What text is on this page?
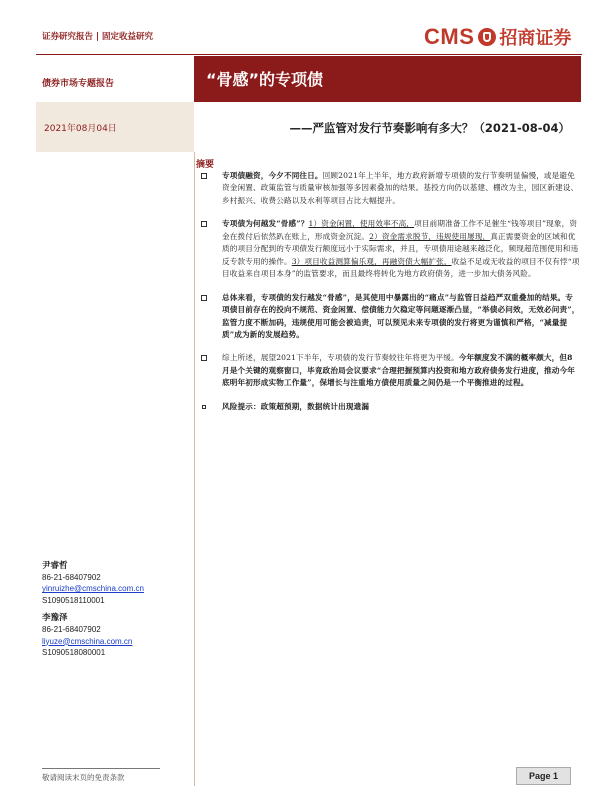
证券研究报告 | 固定收益研究	CMS 招商证券
债券市场专题报告	“骨感”的专项债
2021年08月04日	——严监管对发行节奏影响有多大？（2021-08-04）
摘要
专项债融资，今夕不同往日。回顾2021年上半年，地方政府新增专项债的发行节奏明显偏慢，或是避免资金闲置、政策监管与质量审核加强等多因素叠加的结果。基投方向仍以基建、棚改为主，园区新建设、乡村振兴、收费公路以及水利等项目占比大幅提升。
专项债为何越发“骨感”？1）资金闲置，使用效率不高，项目前期准备工作不足催生“钱等项目”现象，资金在拨付后依然趴在账上，形成资金沉淀。2）资金需求脱节，违规使用屡现，真正需要资金的区域和优质的项目分配到的专项债发行额度远小于实际需求，并且，专项债用途越来越泛化，频现超范围使用和违反专款专用的操作。3）项目收益测算偏乐观，再融资债大幅扩张，收益不足或无收益的项目不仅有悖“项目收益来自项目本身”的监管要求，而且最终将转化为地方政府债务，进一步加大债务风险。
总体来看，专项债的发行越发“骨感”，是其使用中暴露出的“痛点”与监管日益趋严双重叠加的结果。专项债目前存在的投向不规范、资金闲置、偿债能力欠稳定等问题逐渐凸显，“举债必问效，无效必问责”，监管力度不断加码，违规使用可能会被追责，可以预见未来专项债的发行将更为谨慎和严格，“减量提质”成为新的发展趋势。
综上所述，展望2021下半年，专项债的发行节奏较往年将更为平缓。今年额度发不满的概率颇大，但8月是个关键的观察窗口，毕竟政治局会议要求“合理把握预算内投资和地方政府债务发行进度，推动今年底明年初形成实物工作量”，保增长与注重地方债使用质量之间仍是一个平衡推进的过程。
风险提示：政策超预期，数据统计出现遗漏
尹睿哲
86-21-68407902
yinruizhe@cmschina.com.cn
S1090518110001
李豫泽
86-21-68407902
liyuze@cmschina.com.cn
S1090518080001
敬请阅读末页的免责条款	Page 1
